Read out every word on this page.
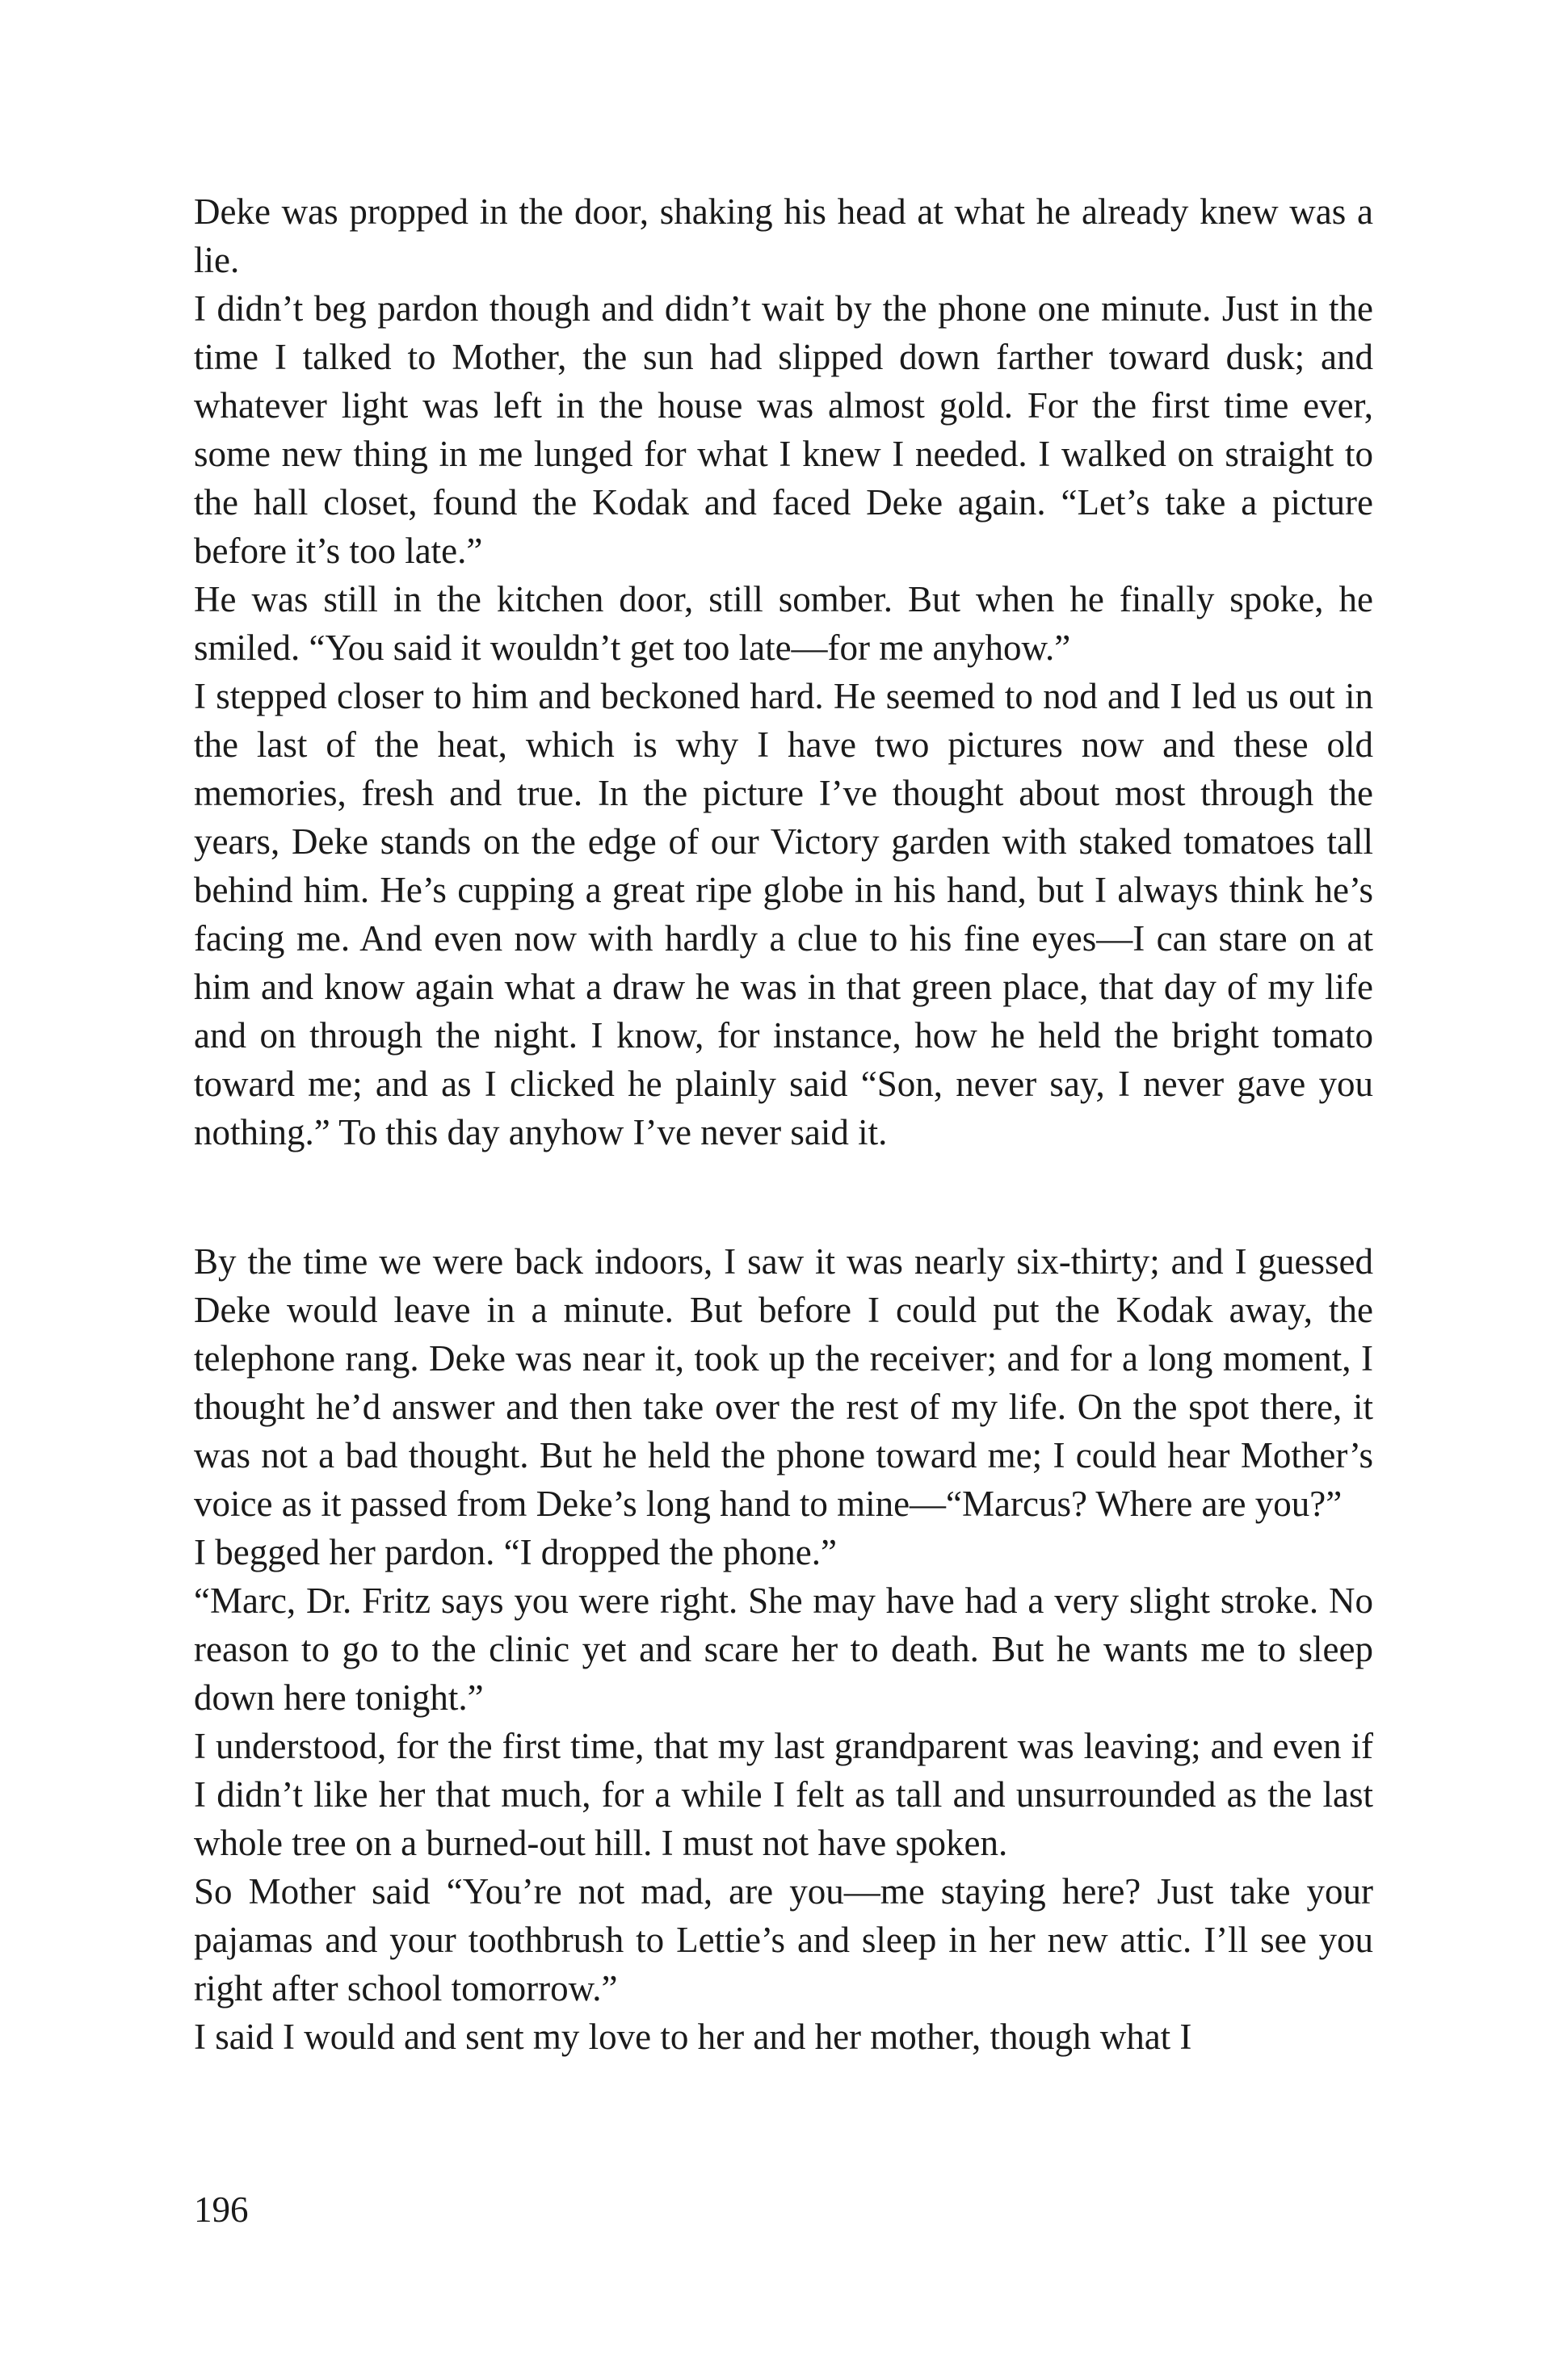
Deke was propped in the door, shaking his head at what he already knew was a lie.

I didn’t beg pardon though and didn’t wait by the phone one minute. Just in the time I talked to Mother, the sun had slipped down farther toward dusk; and whatever light was left in the house was almost gold. For the first time ever, some new thing in me lunged for what I knew I needed. I walked on straight to the hall closet, found the Kodak and faced Deke again. “Let’s take a picture before it’s too late.”

He was still in the kitchen door, still somber. But when he finally spoke, he smiled. “You said it wouldn’t get too late—for me anyhow.”

I stepped closer to him and beckoned hard. He seemed to nod and I led us out in the last of the heat, which is why I have two pictures now and these old memories, fresh and true. In the picture I’ve thought about most through the years, Deke stands on the edge of our Victory garden with staked tomatoes tall behind him. He’s cupping a great ripe globe in his hand, but I always think he’s facing me. And even now with hardly a clue to his fine eyes—I can stare on at him and know again what a draw he was in that green place, that day of my life and on through the night. I know, for instance, how he held the bright tomato toward me; and as I clicked he plainly said “Son, never say, I never gave you nothing.” To this day anyhow I’ve never said it.

By the time we were back indoors, I saw it was nearly six-thirty; and I guessed Deke would leave in a minute. But before I could put the Kodak away, the telephone rang. Deke was near it, took up the receiver; and for a long moment, I thought he’d answer and then take over the rest of my life. On the spot there, it was not a bad thought. But he held the phone toward me; I could hear Mother’s voice as it passed from Deke’s long hand to mine—“Marcus? Where are you?”

I begged her pardon. “I dropped the phone.”

“Marc, Dr. Fritz says you were right. She may have had a very slight stroke. No reason to go to the clinic yet and scare her to death. But he wants me to sleep down here tonight.”

I understood, for the first time, that my last grandparent was leaving; and even if I didn’t like her that much, for a while I felt as tall and unsurrounded as the last whole tree on a burned-out hill. I must not have spoken.

So Mother said “You’re not mad, are you—me staying here? Just take your pajamas and your toothbrush to Lettie’s and sleep in her new attic. I’ll see you right after school tomorrow.”

I said I would and sent my love to her and her mother, though what I

196
